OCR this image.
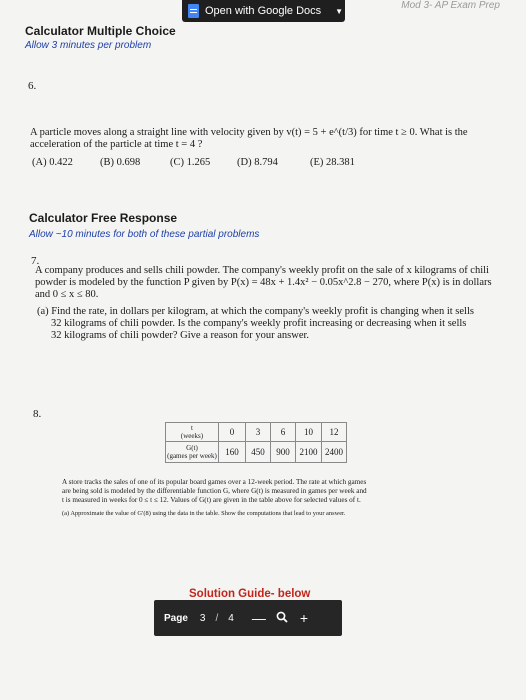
Open with Google Docs ▼	Mod 3- AP Exam Prep
Calculator Multiple Choice
Allow 3 minutes per problem
6.
A particle moves along a straight line with velocity given by v(t) = 5 + e^(t/3) for time t ≥ 0. What is the
acceleration of the particle at time t = 4 ?
(A) 0.422	(B) 0.698	(C) 1.265	(D) 8.794	(E) 28.381
Calculator Free Response
Allow ~10 minutes for both of these partial problems
7.
A company produces and sells chili powder. The company's weekly profit on the sale of x kilograms of chili
powder is modeled by the function P given by P(x) = 48x + 1.4x² − 0.05x^2.8 − 270, where P(x) is in dollars
and 0 ≤ x ≤ 80.
(a) Find the rate, in dollars per kilogram, at which the company's weekly profit is changing when it sells
32 kilograms of chili powder. Is the company's weekly profit increasing or decreasing when it sells
32 kilograms of chili powder? Give a reason for your answer.
8.
t
(weeks)	0	3	6	10	12

G(t)
(games per week)	160	450	900	2100	2400
A store tracks the sales of one of its popular board games over a 12-week period. The rate at which games
are being sold is modeled by the differentiable function G, where G(t) is measured in games per week and
t is measured in weeks for 0 ≤ t ≤ 12. Values of G(t) are given in the table above for selected values of t.
(a) Approximate the value of G′(8) using the data in the table. Show the computations that lead to your answer.
Solution Guide- below
Page 3 / 4 — +
